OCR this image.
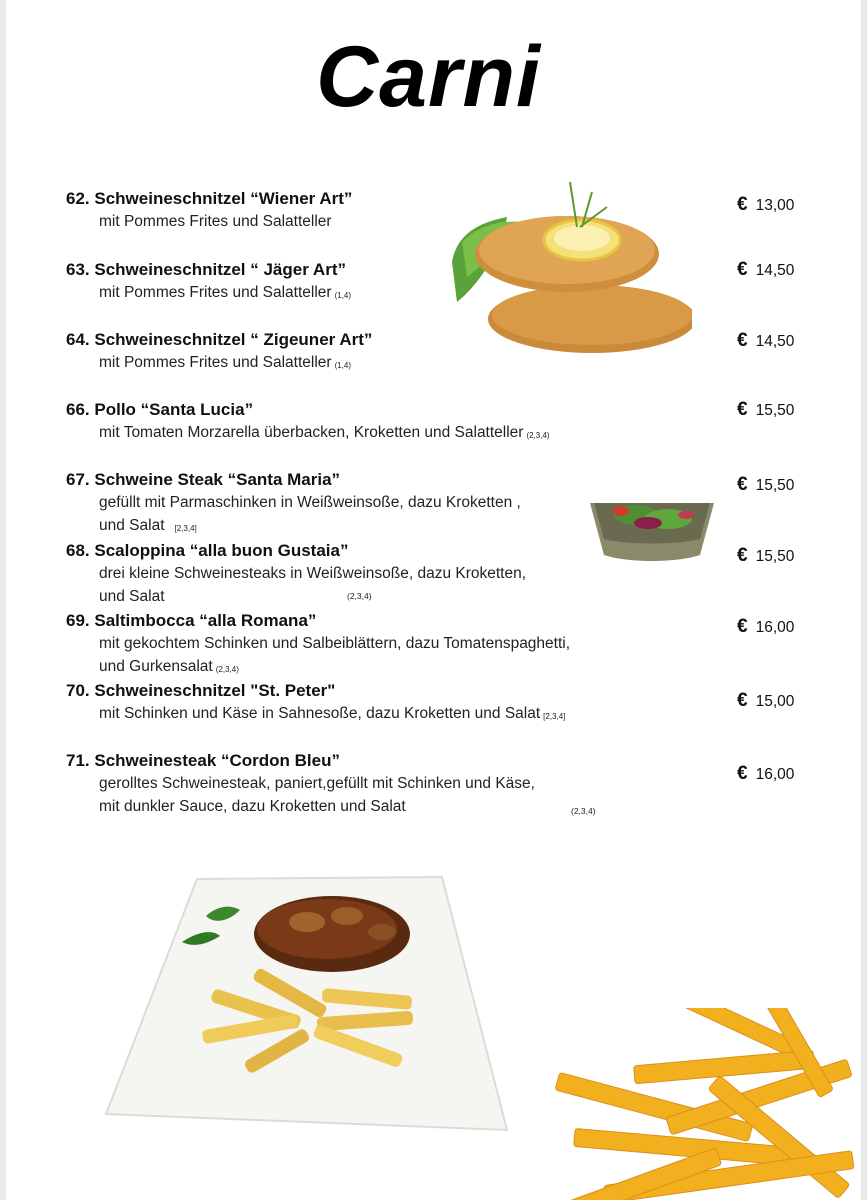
Carni
62. Schweineschnitzel “Wiener Art”
mit Pommes Frites und Salatteller
€ 13,00
63. Schweineschnitzel “ Jäger Art”
mit Pommes Frites und Salatteller (1,4)
€ 14,50
64. Schweineschnitzel “ Zigeuner Art”
mit Pommes Frites und Salatteller (1,4)
€ 14,50
66. Pollo “Santa Lucia”
mit Tomaten Morzarella überbacken, Kroketten und Salatteller (2,3,4)
€ 15,50
67. Schweine Steak “Santa Maria”
gefüllt mit Parmaschinken in Weißweinsoße, dazu Kroketten ,
und Salat [2,3,4]
€ 15,50
68. Scaloppina “alla buon Gustaia”
drei kleine Schweinesteaks in Weißweinsoße, dazu Kroketten,
und Salat	(2,3,4)
€ 15,50
69. Saltimbocca “alla Romana”
mit gekochtem Schinken und Salbeiblättern, dazu Tomatenspaghetti,
und Gurkensalat (2,3,4)
€ 16,00
70. Schweineschnitzel "St. Peter"
mit Schinken und Käse in Sahnesoße, dazu Kroketten und Salat [2,3,4]
€ 15,00
71. Schweinesteak “Cordon Bleu”
gerolltes Schweinesteak, paniert,gefüllt mit Schinken und Käse,
mit dunkler Sauce, dazu Kroketten und Salat	(2,3,4)
€ 16,00
